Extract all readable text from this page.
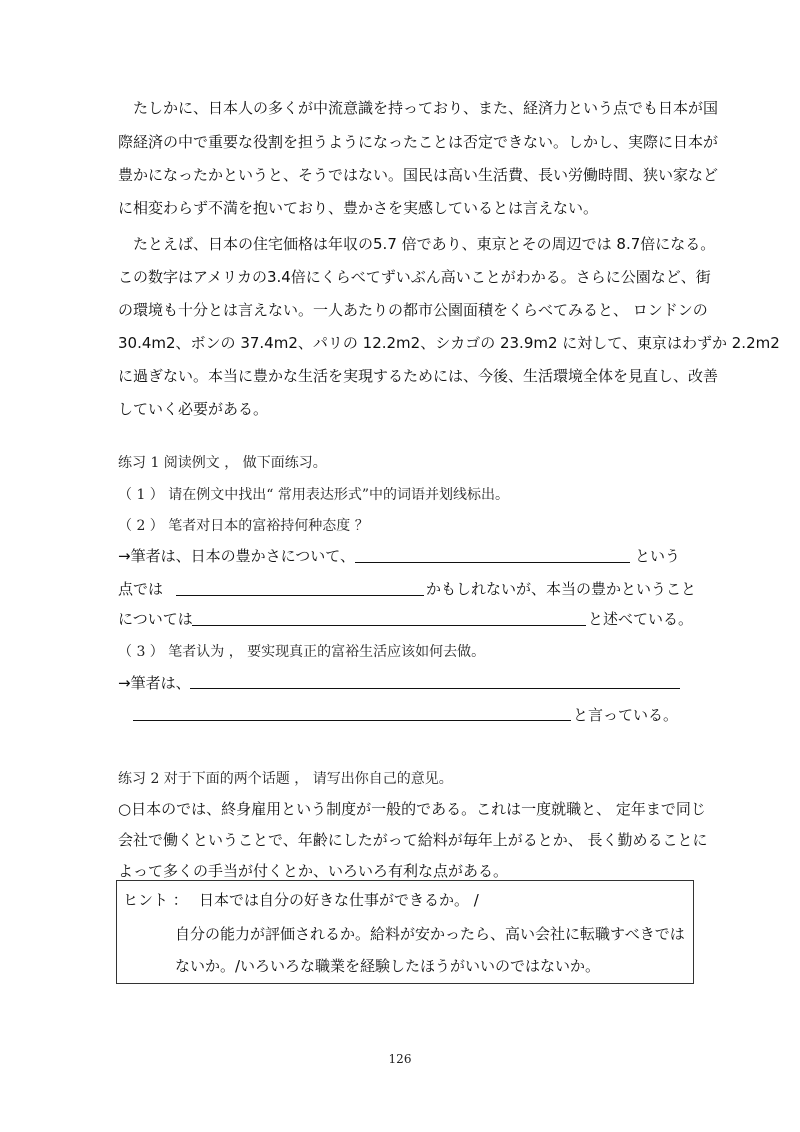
　たしかに、日本人の多くが中流意識を持っており、また、経済力という点でも日本が国
際経済の中で重要な役割を担うようになったことは否定できない。しかし、実際に日本が
豊かになったかというと、そうではない。国民は高い生活費、長い労働時間、狭い家など
に相変わらず不満を抱いており、豊かさを実感しているとは言えない。
　たとえば、日本の住宅価格は年収の5.7 倍であり、東京とその周辺では 8.7倍になる。
この数字はアメリカの3.4倍にくらべてずいぶん高いことがわかる。さらに公園など、街
の環境も十分とは言えない。一人あたりの都市公園面積をくらべてみると、 ロンドンの
30.4m2、ボンの 37.4m2、パリの 12.2m2、シカゴの 23.9m2 に対して、東京はわずか 2.2m2
に過ぎない。本当に豊かな生活を実現するためには、今後、生活環境全体を見直し、改善
していく必要がある。
练习 1 阅读例文 ， 做下面练习。
（ 1 ） 请在例文中找出“ 常用表达形式”中的词语并划线标出。
（ 2 ） 笔者对日本的富裕持何种态度 ？
→筆者は、日本の豊かさについて、	という
点では	かもしれないが、本当の豊かということ
については	と述べている。
（ 3 ） 笔者认为 ， 要实现真正的富裕生活应该如何去做。
→筆者は、
と言っている。
练习 2 对于下面的两个话题 ， 请写出你自己的意见。
○日本のでは、終身雇用という制度が一般的である。これは一度就職と、 定年まで同じ
会社で働くということで、年齢にしたがって給料が毎年上がるとか、 長く勤めることに
よって多くの手当が付くとか、いろいろ有利な点がある。
ヒント ： 日本では自分の好きな仕事ができるか。 /
自分の能力が評価されるか。給料が安かったら、高い会社に転職すべきでは
ないか。/いろいろな職業を経験したほうがいいのではないか。
126
